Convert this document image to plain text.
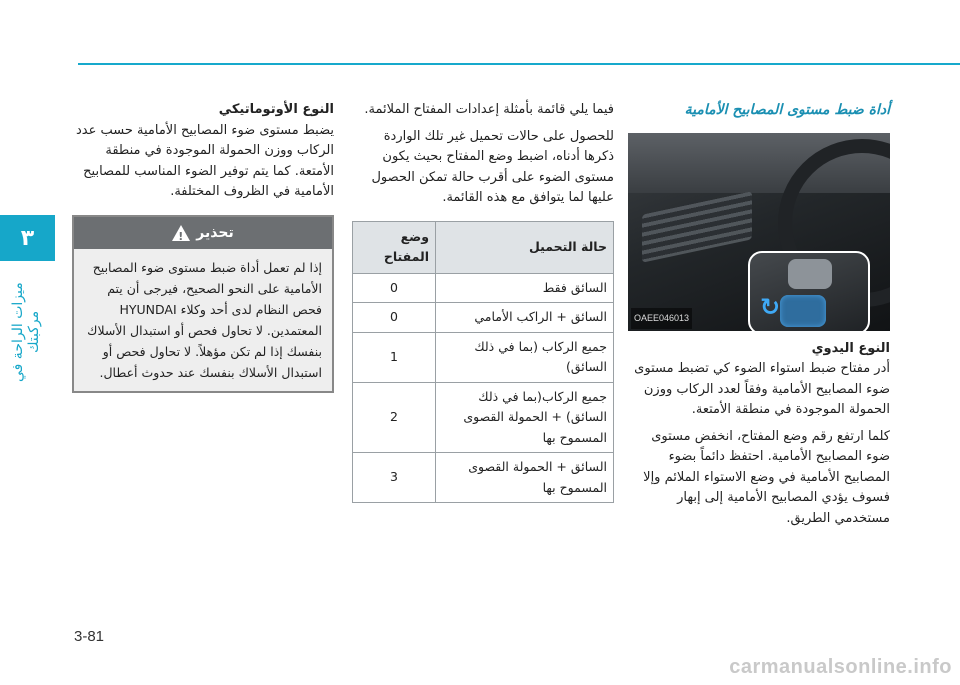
٣
ميزات الراحة في مركبتك
أداة ضبط مستوى المصابيح الأمامية
↻
OAEE046013

النوع اليدوي

أدر مفتاح ضبط استواء الضوء كي تضبط مستوى ضوء المصابيح الأمامية وفقاً لعدد الركاب ووزن الحمولة الموجودة في منطقة الأمتعة.

كلما ارتفع رقم وضع المفتاح، انخفض مستوى ضوء المصابيح الأمامية. احتفظ دائماً بضوء المصابيح الأمامية في وضع الاستواء الملائم وإلا فسوف يؤدي المصابيح الأمامية إلى إبهار مستخدمي الطريق.

فيما يلي قائمة بأمثلة إعدادات المفتاح الملائمة.

للحصول على حالات تحميل غير تلك الواردة ذكرها أدناه، اضبط وضع المفتاح بحيث يكون مستوى الضوء على أقرب حالة تمكن الحصول عليها لما يتوافق مع هذه القائمة.

حالة التحميل	وضع المفتاح
السائق فقط	0
السائق + الراكب الأمامي	0
جميع الركاب (بما في ذلك السائق)	1
جميع الركاب(بما في ذلك السائق) + الحمولة القصوى المسموح بها	2
السائق + الحمولة القصوى المسموح بها	3

النوع الأوتوماتيكي

يضبط مستوى ضوء المصابيح الأمامية حسب عدد الركاب ووزن الحمولة الموجودة في منطقة الأمتعة. كما يتم توفير الضوء المناسب للمصابيح الأمامية في الظروف المختلفة.

تحذير
!
إذا لم تعمل أداة ضبط مستوى ضوء المصابيح الأمامية على النحو الصحيح، فيرجى أن يتم فحص النظام لدى أحد وكلاء HYUNDAI المعتمدين. لا تحاول فحص أو استبدال الأسلاك بنفسك إذا لم تكن مؤهلاً. لا تحاول فحص أو استبدال الأسلاك بنفسك عند حدوث أعطال.
3-81
carmanualsonline.info
